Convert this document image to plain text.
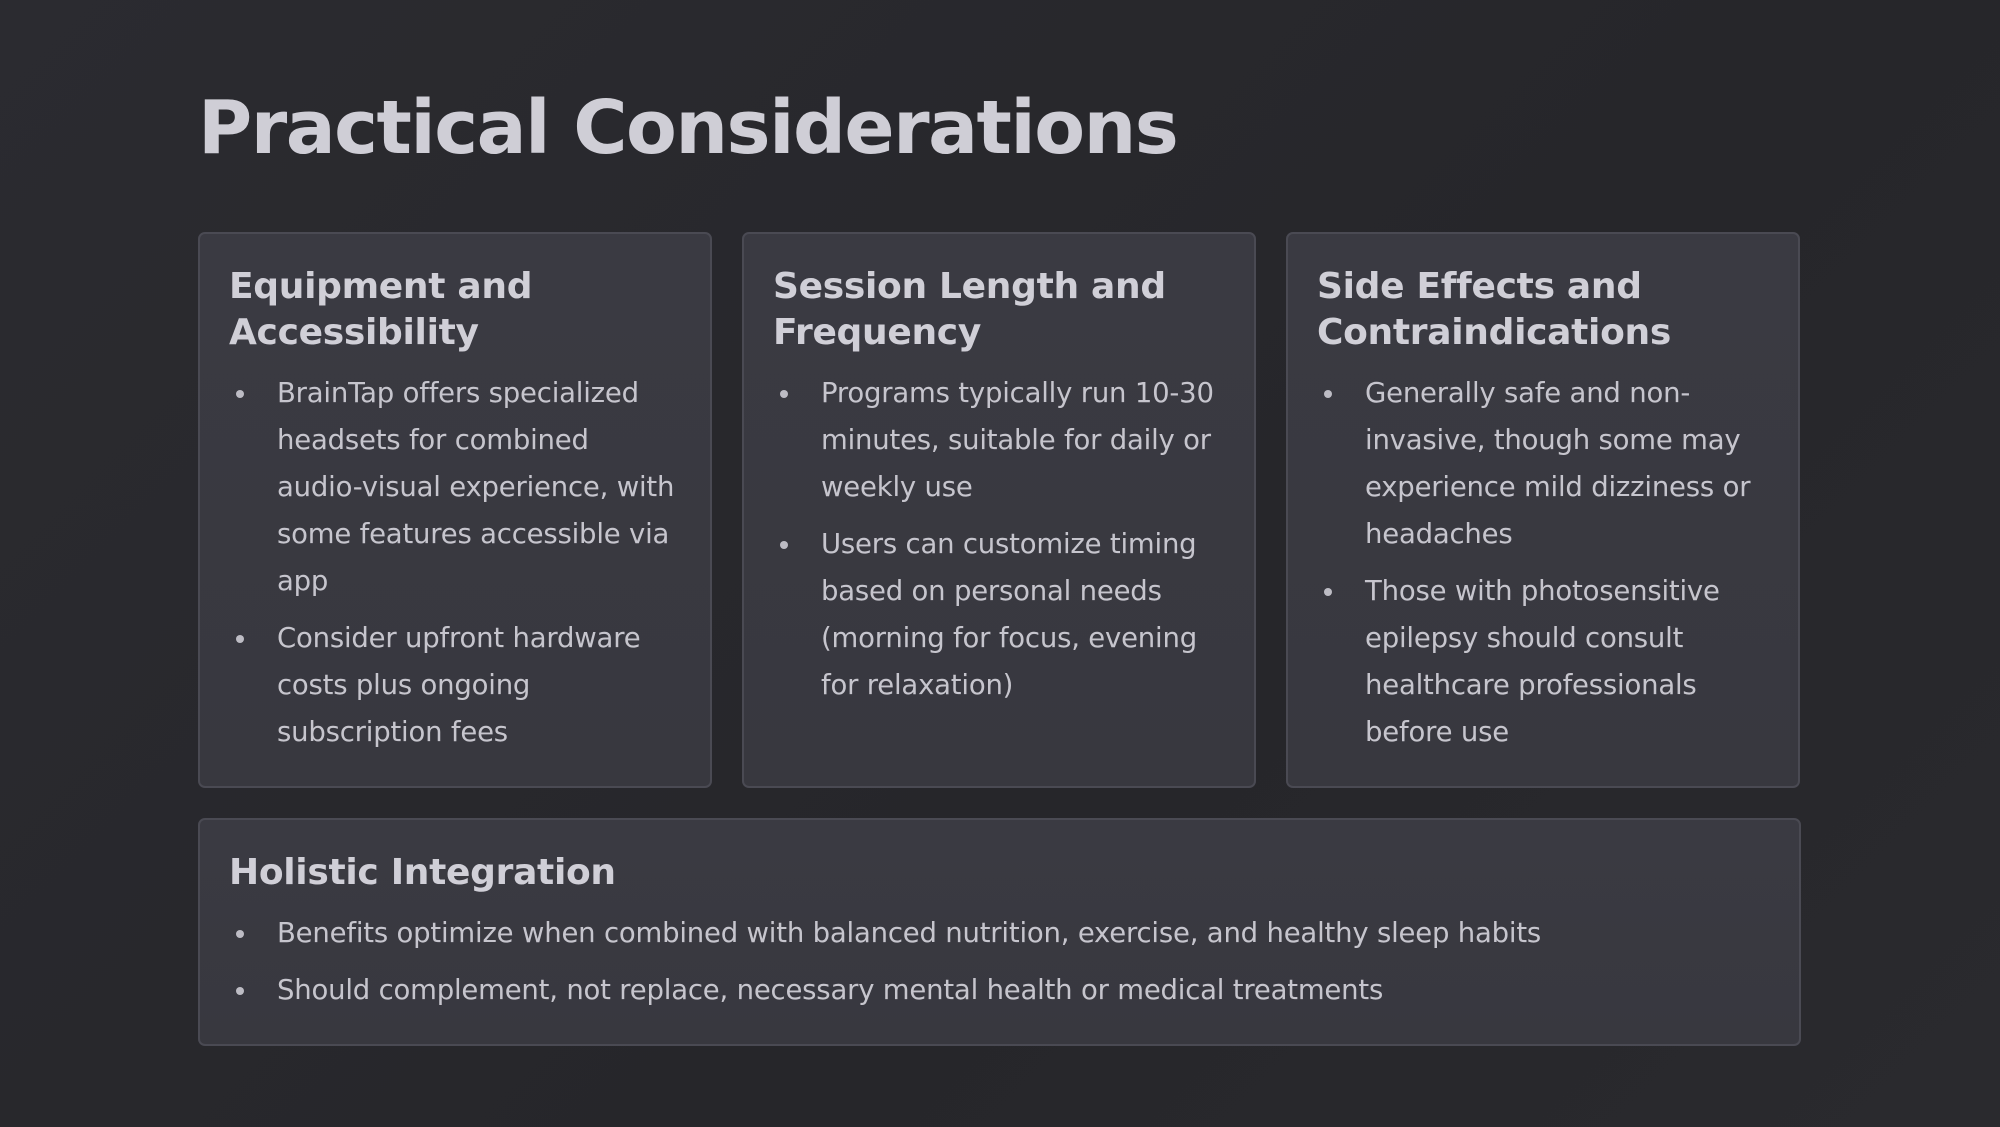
Practical Considerations
Equipment and Accessibility
BrainTap offers specialized headsets for combined audio-visual experience, with some features accessible via app
Consider upfront hardware costs plus ongoing subscription fees
Session Length and Frequency
Programs typically run 10-30 minutes, suitable for daily or weekly use
Users can customize timing based on personal needs (morning for focus, evening for relaxation)
Side Effects and Contraindications
Generally safe and non-invasive, though some may experience mild dizziness or headaches
Those with photosensitive epilepsy should consult healthcare professionals before use
Holistic Integration
Benefits optimize when combined with balanced nutrition, exercise, and healthy sleep habits
Should complement, not replace, necessary mental health or medical treatments
